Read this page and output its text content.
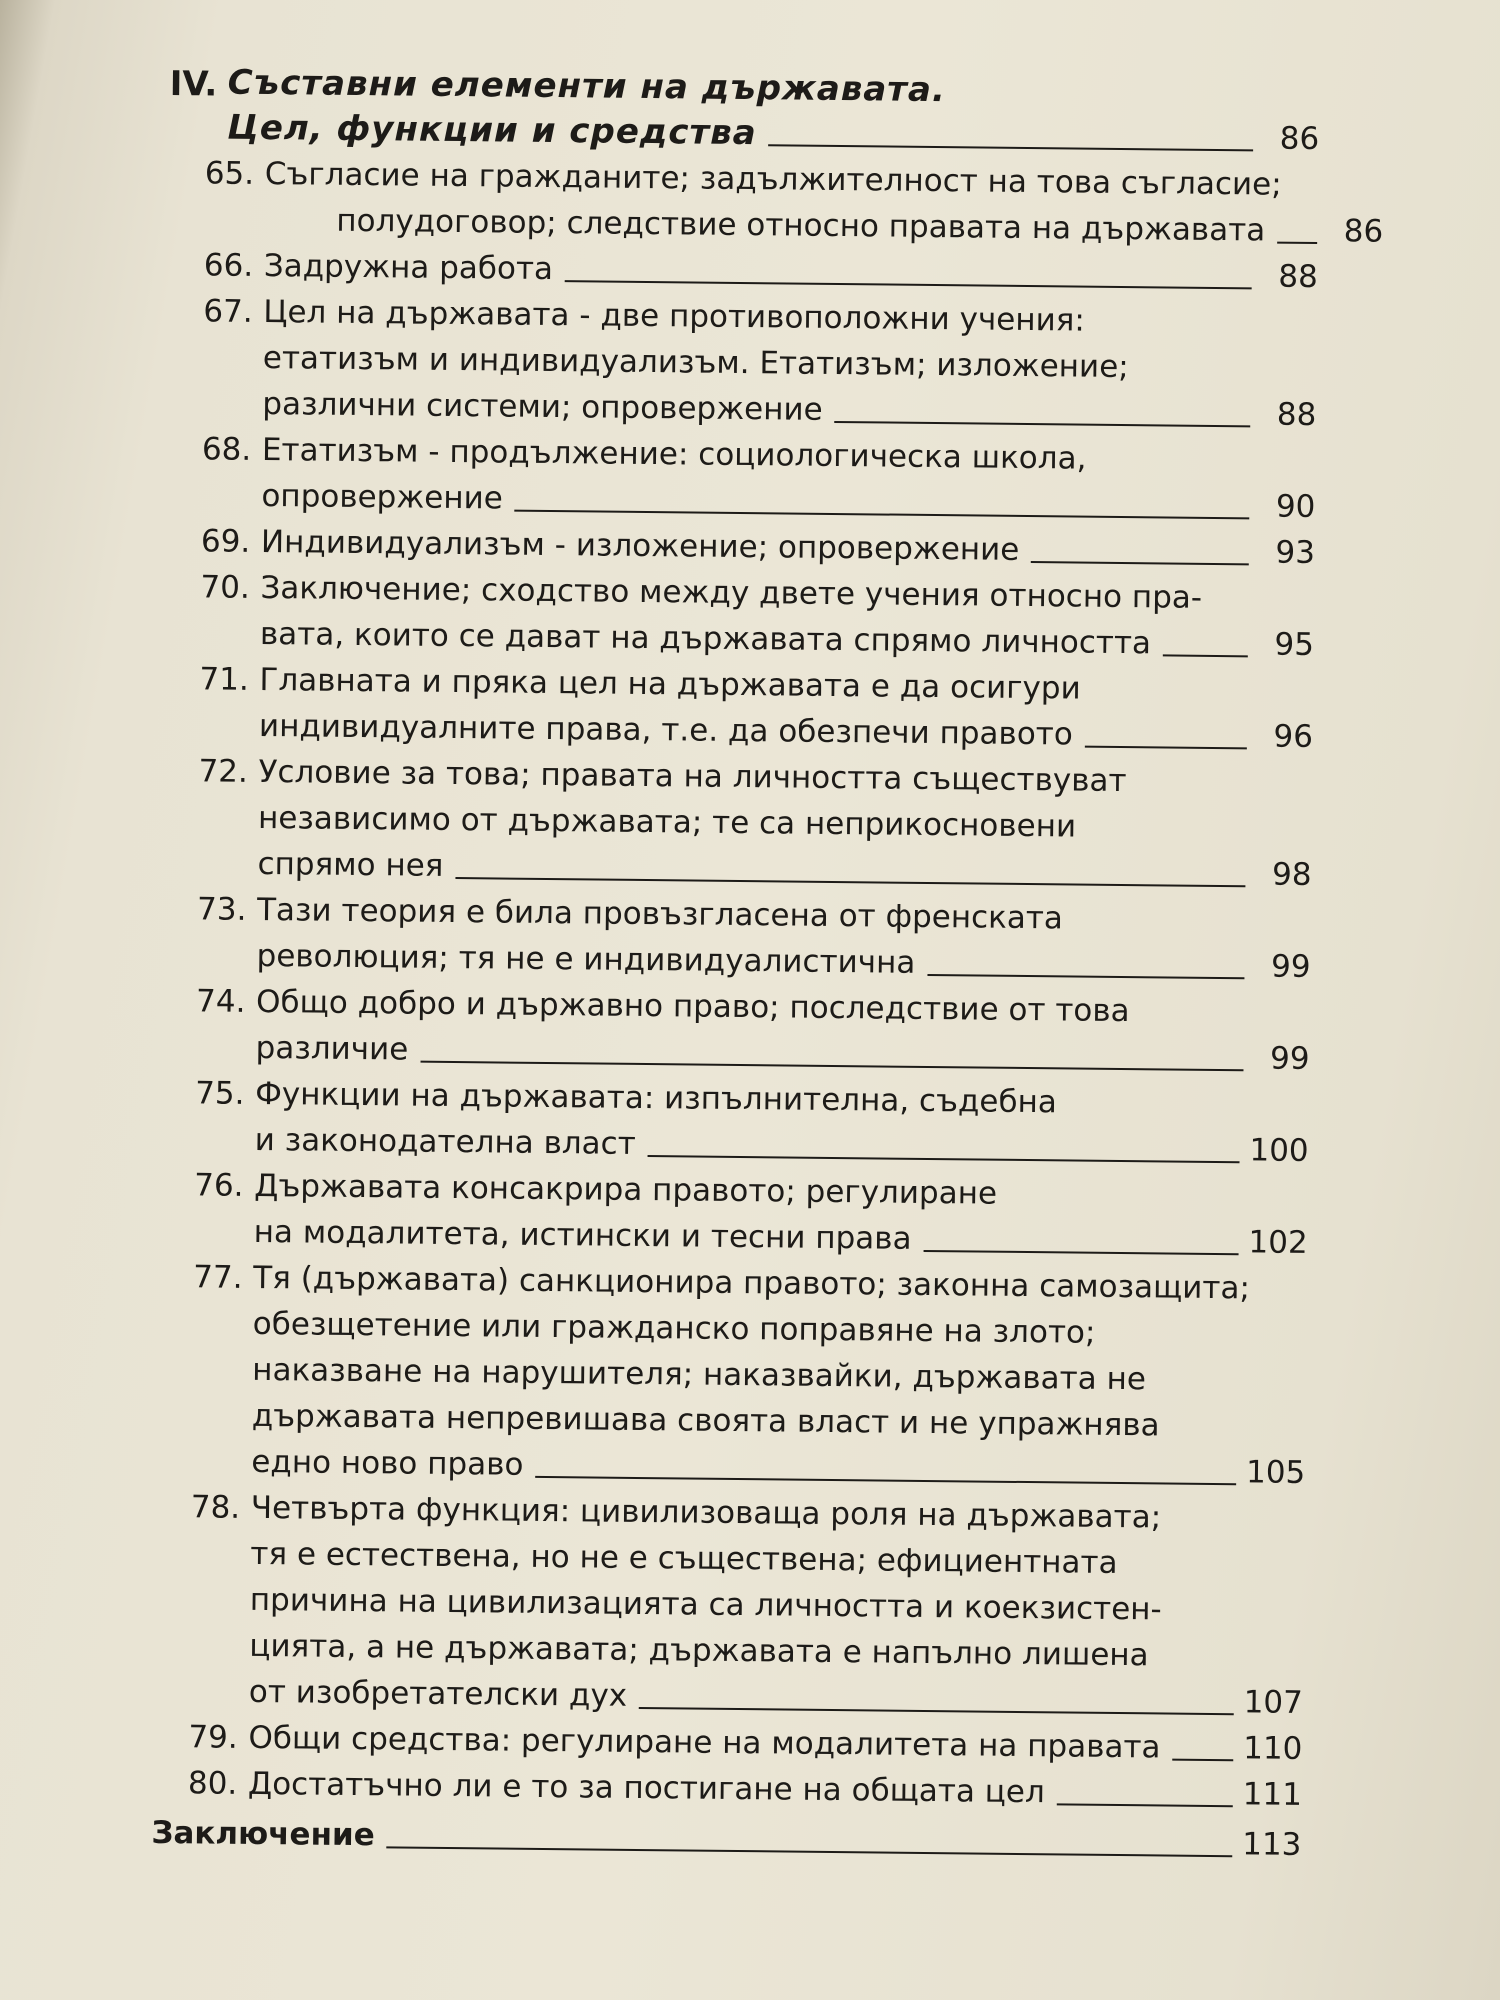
IV. Съставни елементи на държавата.
Цел, функции и средства	86
65. Съгласие на гражданите; задължителност на това съгласие;
полудоговор; следствие относно правата на държавата	86
66. Задружна работа	88
67. Цел на държавата - две противоположни учения:
етатизъм и индивидуализъм. Етатизъм; изложение;
различни системи; опровержение	88
68. Етатизъм - продължение: социологическа школа,
опровержение	90
69. Индивидуализъм - изложение; опровержение	93
70. Заключение; сходство между двете учения относно пра-
вата, които се дават на държавата спрямо личността	95
71. Главната и пряка цел на държавата е да осигури
индивидуалните права, т.е. да обезпечи правото	96
72. Условие за това; правата на личността съществуват
независимо от държавата; те са неприкосновени
спрямо нея	98
73. Тази теория е била провъзгласена от френската
революция; тя не е индивидуалистична	99
74. Общо добро и държавно право; последствие от това
различие	99
75. Функции на държавата: изпълнителна, съдебна
и законодателна власт	100
76. Държавата консакрира правото; регулиране
на модалитета, истински и тесни права	102
77. Тя (държавата) санкционира правото; законна самозащита;
обезщетение или гражданско поправяне на злото;
наказване на нарушителя; наказвайки, държавата не
държавата непревишава своята власт и не упражнява
едно ново право	105
78. Четвърта функция: цивилизоваща роля на държавата;
тя е естествена, но не е съществена; ефициентната
причина на цивилизацията са личността и коекзистен-
цията, а не държавата; държавата е напълно лишена
от изобретателски дух	107
79. Общи средства: регулиране на модалитета на правата	110
80. Достатъчно ли е то за постигане на общата цел	111
Заключение	113
